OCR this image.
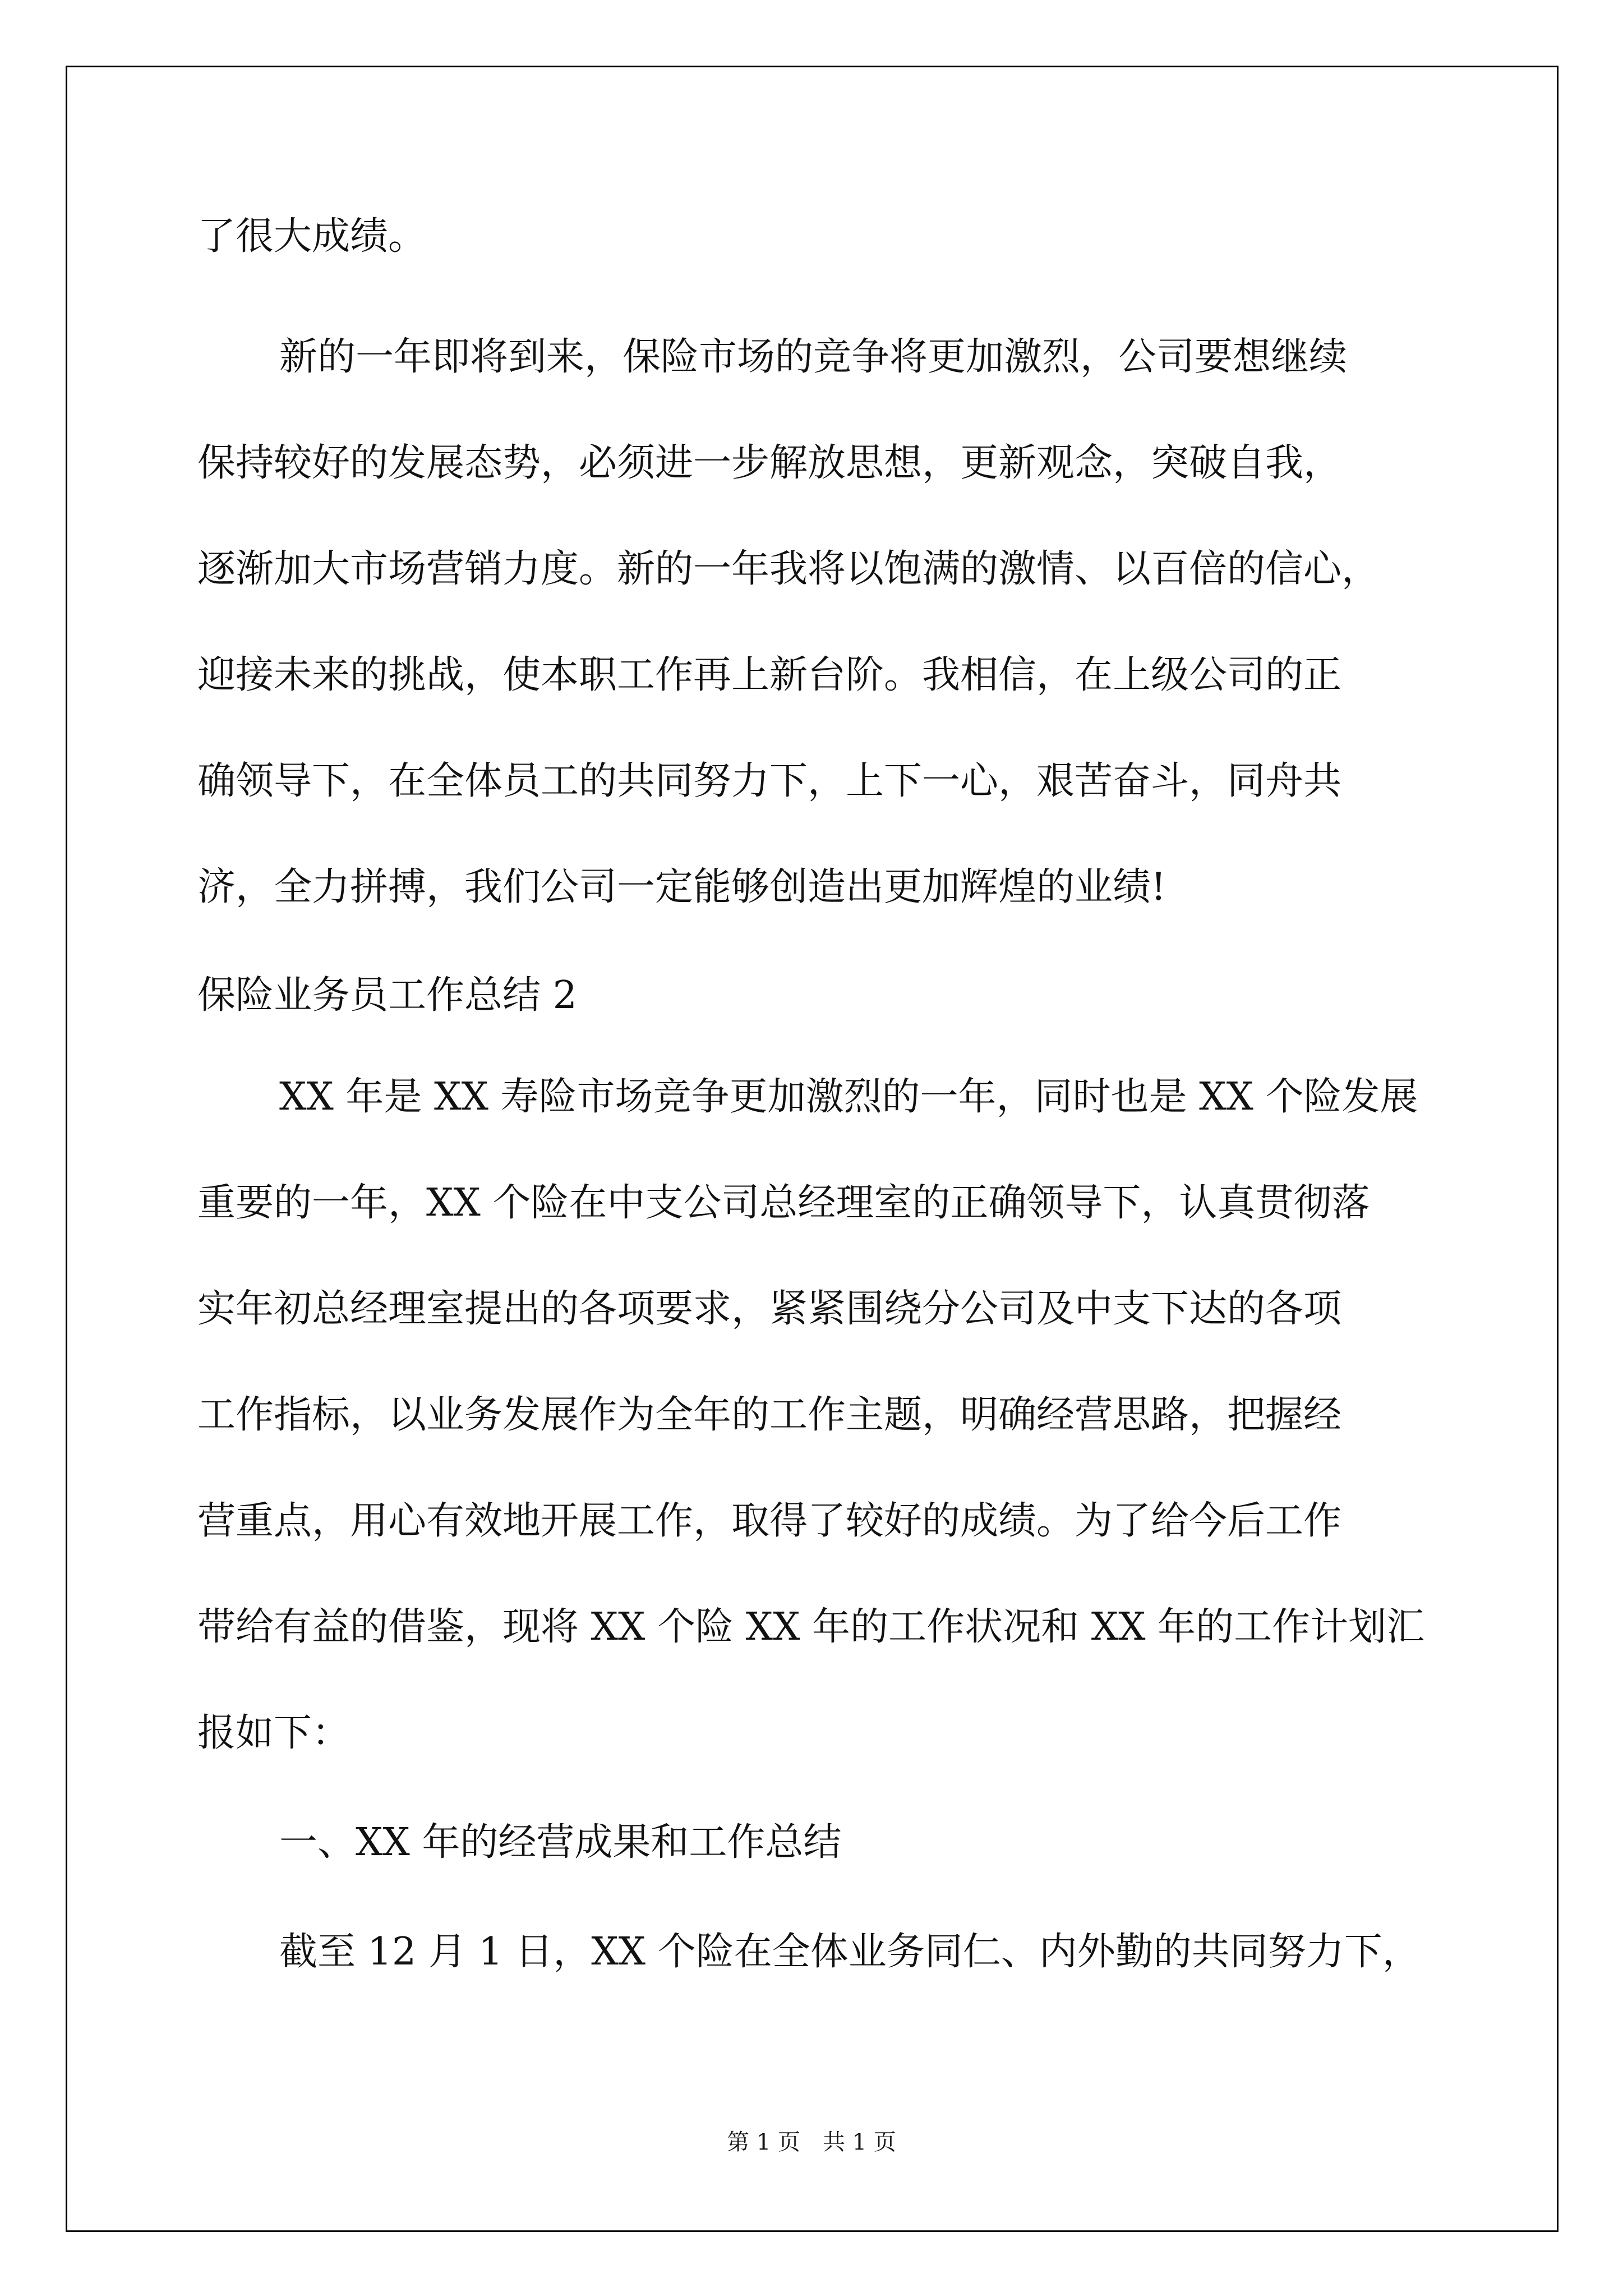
了很大成绩。
新的一年即将到来，保险市场的竞争将更加激烈，公司要想继续
保持较好的发展态势，必须进一步解放思想，更新观念，突破自我，
逐渐加大市场营销力度。新的一年我将以饱满的激情、以百倍的信心，
迎接未来的挑战，使本职工作再上新台阶。我相信，在上级公司的正
确领导下，在全体员工的共同努力下，上下一心，艰苦奋斗，同舟共
济，全力拼搏，我们公司一定能够创造出更加辉煌的业绩!
保险业务员工作总结 2
XX 年是 XX 寿险市场竞争更加激烈的一年，同时也是 XX 个险发展
重要的一年，XX 个险在中支公司总经理室的正确领导下，认真贯彻落
实年初总经理室提出的各项要求，紧紧围绕分公司及中支下达的各项
工作指标，以业务发展作为全年的工作主题，明确经营思路，把握经
营重点，用心有效地开展工作，取得了较好的成绩。为了给今后工作
带给有益的借鉴，现将 XX 个险 XX 年的工作状况和 XX 年的工作计划汇
报如下：
一、XX 年的经营成果和工作总结
截至 12 月 1 日，XX 个险在全体业务同仁、内外勤的共同努力下，
第 1 页　共 1 页
